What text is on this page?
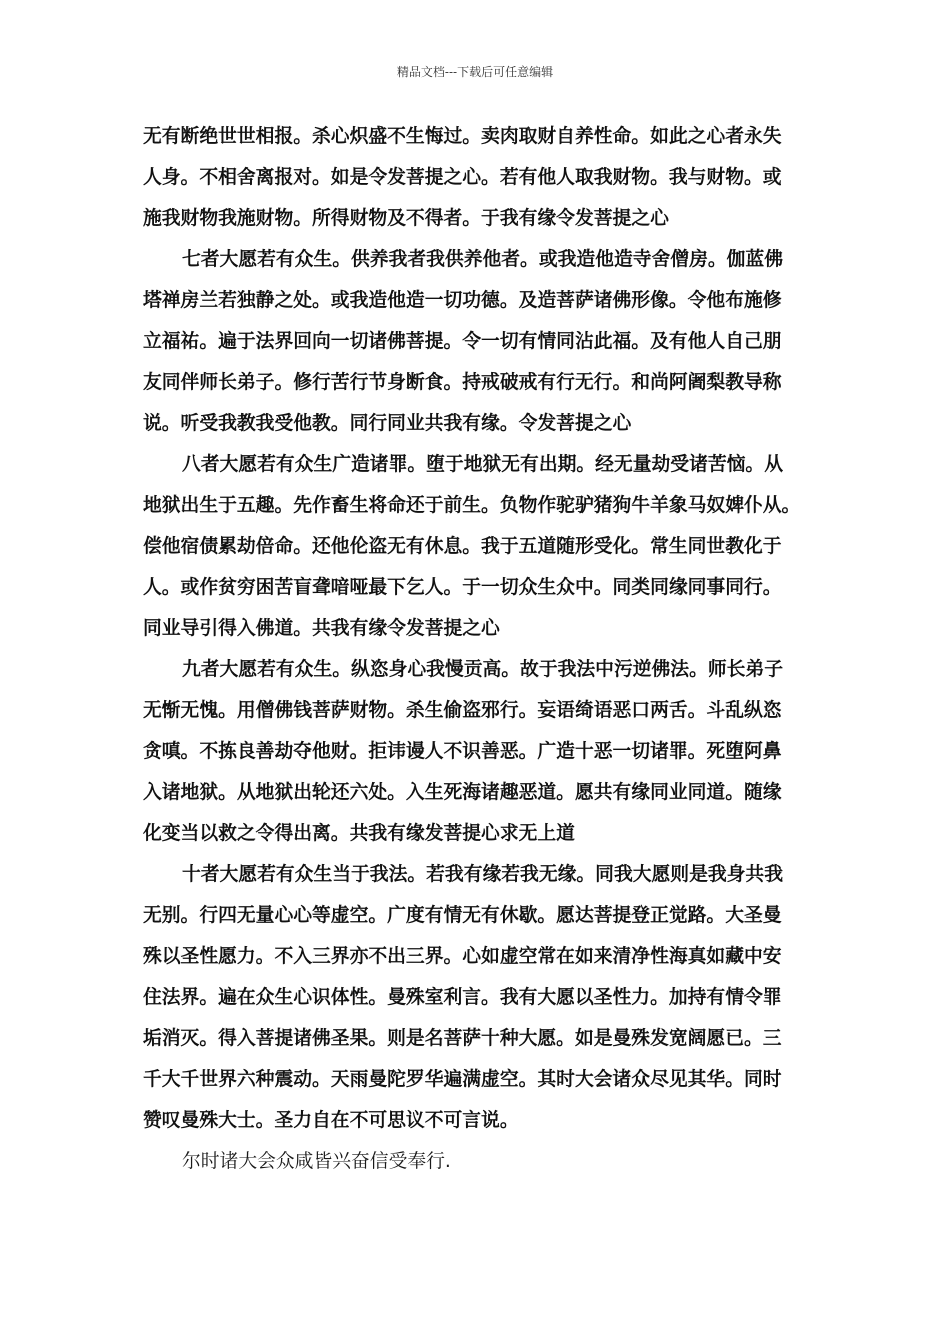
精品文档---下载后可任意编辑
无有断绝世世相报。杀心炽盛不生悔过。卖肉取财自养性命。如此之心者永失
人身。不相舍离报对。如是令发菩提之心。若有他人取我财物。我与财物。或
施我财物我施财物。所得财物及不得者。于我有缘令发菩提之心
七者大愿若有众生。供养我者我供养他者。或我造他造寺舍僧房。伽蓝佛
塔禅房兰若独静之处。或我造他造一切功德。及造菩萨诸佛形像。令他布施修
立福祐。遍于法界回向一切诸佛菩提。令一切有情同沾此福。及有他人自己朋
友同伴师长弟子。修行苦行节身断食。持戒破戒有行无行。和尚阿阇梨教导称
说。听受我教我受他教。同行同业共我有缘。令发菩提之心
八者大愿若有众生广造诸罪。堕于地狱无有出期。经无量劫受诸苦恼。从
地狱出生于五趣。先作畜生将命还于前生。负物作驼驴猪狗牛羊象马奴婢仆从。
偿他宿债累劫倍命。还他伦盗无有休息。我于五道随形受化。常生同世教化于
人。或作贫穷困苦盲聋喑哑最下乞人。于一切众生众中。同类同缘同事同行。
同业导引得入佛道。共我有缘令发菩提之心
九者大愿若有众生。纵恣身心我慢贡高。故于我法中污逆佛法。师长弟子
无惭无愧。用僧佛钱菩萨财物。杀生偷盗邪行。妄语绮语恶口两舌。斗乱纵恣
贪嗔。不拣良善劫夺他财。拒讳谩人不识善恶。广造十恶一切诸罪。死堕阿鼻
入诸地狱。从地狱出轮还六处。入生死海诸趣恶道。愿共有缘同业同道。随缘
化变当以救之令得出离。共我有缘发菩提心求无上道
十者大愿若有众生当于我法。若我有缘若我无缘。同我大愿则是我身共我
无别。行四无量心心等虚空。广度有情无有休歇。愿达菩提登正觉路。大圣曼
殊以圣性愿力。不入三界亦不出三界。心如虚空常在如来清净性海真如藏中安
住法界。遍在众生心识体性。曼殊室利言。我有大愿以圣性力。加持有情令罪
垢消灭。得入菩提诸佛圣果。则是名菩萨十种大愿。如是曼殊发宽阔愿已。三
千大千世界六种震动。天雨曼陀罗华遍满虚空。其时大会诸众尽见其华。同时
赞叹曼殊大士。圣力自在不可思议不可言说。
尔时诸大会众咸皆兴奋信受奉行.
